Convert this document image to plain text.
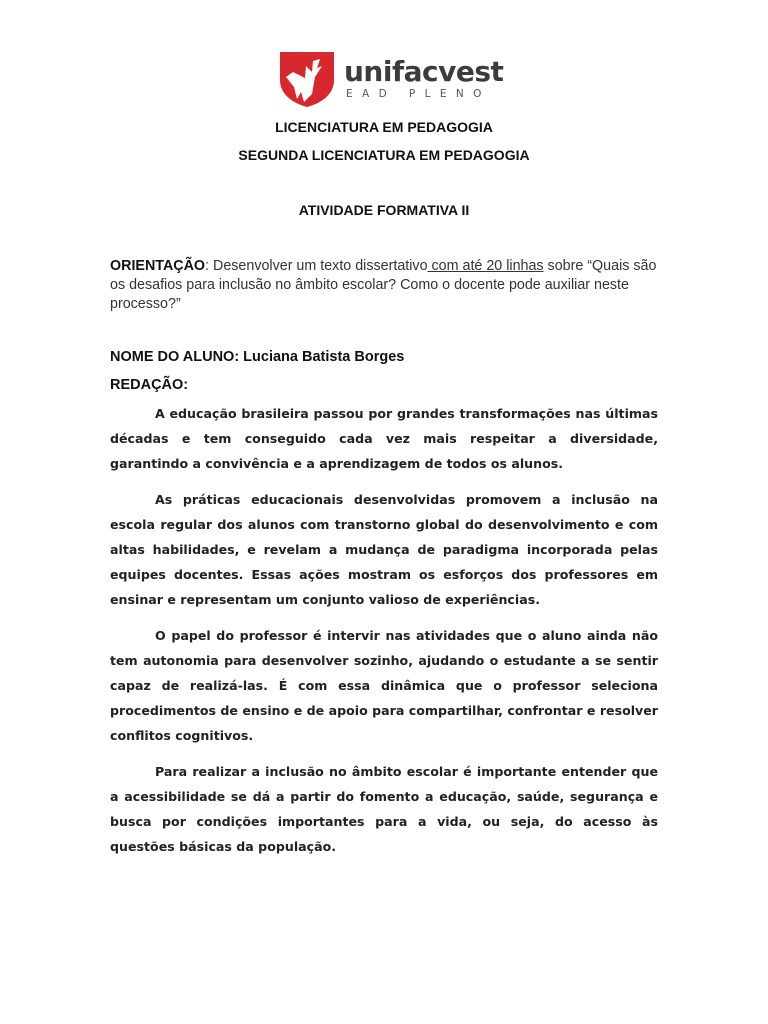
unifacvest
EAD PLENO
LICENCIATURA EM PEDAGOGIA
SEGUNDA LICENCIATURA EM PEDAGOGIA
ATIVIDADE FORMATIVA II
ORIENTAÇÃO: Desenvolver um texto dissertativo com até 20 linhas sobre “Quais são os desafios para inclusão no âmbito escolar? Como o docente pode auxiliar neste processo?”
NOME DO ALUNO: Luciana Batista Borges
REDAÇÃO:

A educação brasileira passou por grandes transformações nas últimas décadas e tem conseguido cada vez mais respeitar a diversidade, garantindo a convivência e a aprendizagem de todos os alunos.

As práticas educacionais desenvolvidas promovem a inclusão na escola regular dos alunos com transtorno global do desenvolvimento e com altas habilidades, e revelam a mudança de paradigma incorporada pelas equipes docentes. Essas ações mostram os esforços dos professores em ensinar e representam um conjunto valioso de experiências.

O papel do professor é intervir nas atividades que o aluno ainda não tem autonomia para desenvolver sozinho, ajudando o estudante a se sentir capaz de realizá-las. É com essa dinâmica que o professor seleciona procedimentos de ensino e de apoio para compartilhar, confrontar e resolver conflitos cognitivos.

Para realizar a inclusão no âmbito escolar é importante entender que a acessibilidade se dá a partir do fomento a educação, saúde, segurança e busca por condições importantes para a vida, ou seja, do acesso às questões básicas da população.
